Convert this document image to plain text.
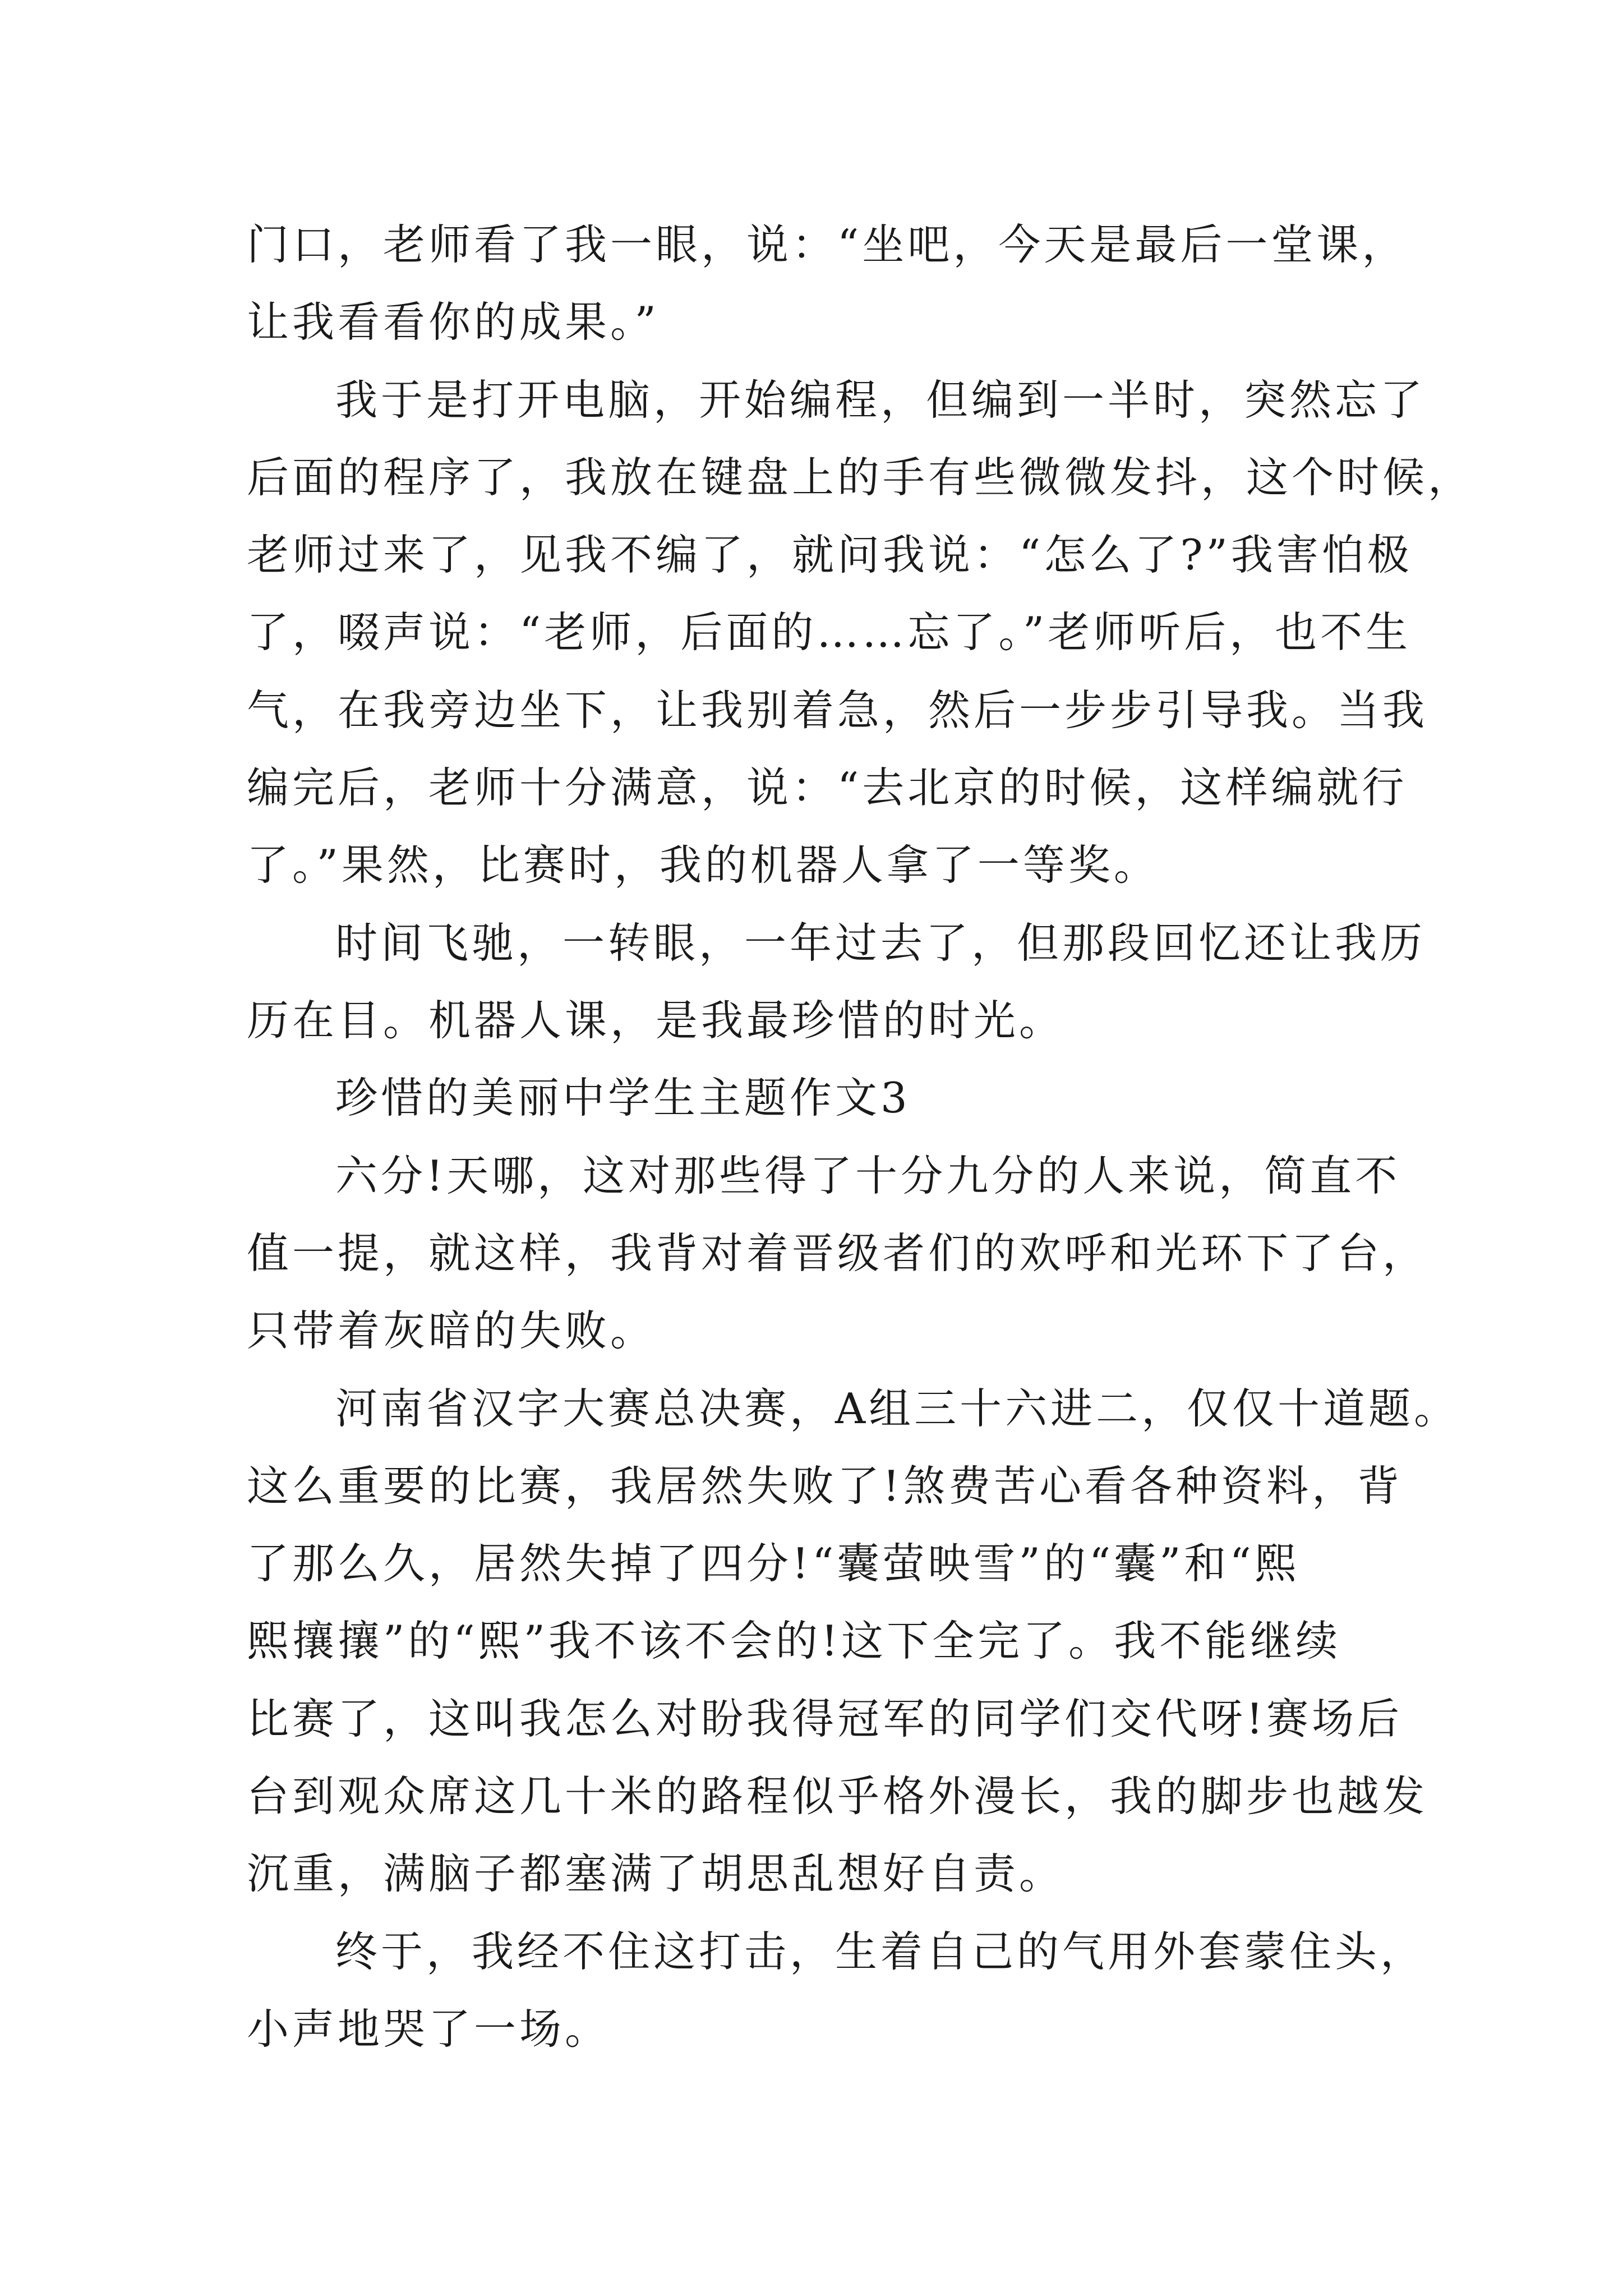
门口，老师看了我一眼，说：“坐吧，今天是最后一堂课，
让我看看你的成果。”
我于是打开电脑，开始编程，但编到一半时，突然忘了
后面的程序了，我放在键盘上的手有些微微发抖，这个时候，
老师过来了，见我不编了，就问我说：“怎么了?”我害怕极
了，啜声说：“老师，后面的……忘了。”老师听后，也不生
气，在我旁边坐下，让我别着急，然后一步步引导我。当我
编完后，老师十分满意，说：“去北京的时候，这样编就行
了。”果然，比赛时，我的机器人拿了一等奖。
时间飞驰，一转眼，一年过去了，但那段回忆还让我历
历在目。机器人课，是我最珍惜的时光。
珍惜的美丽中学生主题作文3
六分!天哪，这对那些得了十分九分的人来说，简直不
值一提，就这样，我背对着晋级者们的欢呼和光环下了台，
只带着灰暗的失败。
河南省汉字大赛总决赛，A组三十六进二，仅仅十道题。
这么重要的比赛，我居然失败了!煞费苦心看各种资料，背
了那么久，居然失掉了四分!“囊萤映雪”的“囊”和“熙
熙攘攘”的“熙”我不该不会的!这下全完了。我不能继续
比赛了，这叫我怎么对盼我得冠军的同学们交代呀!赛场后
台到观众席这几十米的路程似乎格外漫长，我的脚步也越发
沉重，满脑子都塞满了胡思乱想好自责。
终于，我经不住这打击，生着自己的气用外套蒙住头，
小声地哭了一场。
